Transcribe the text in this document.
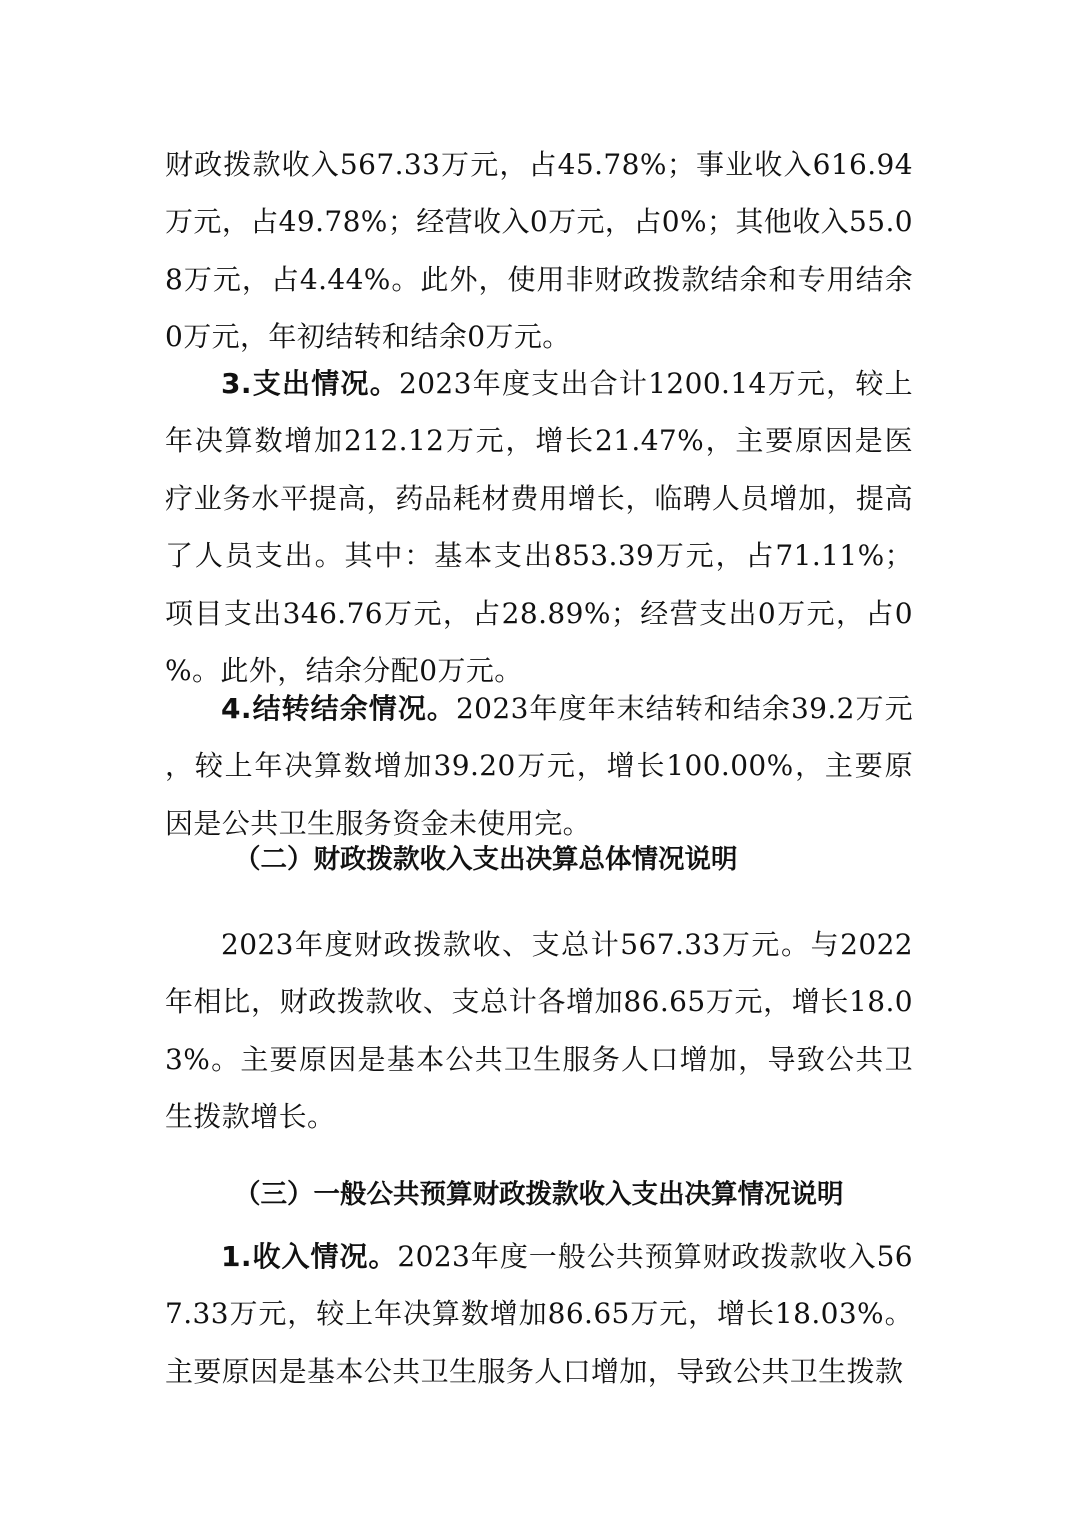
财政拨款收入567.33万元，占45.78%；事业收入616.94万元，占49.78%；经营收入0万元，占0%；其他收入55.08万元，占4.44%。此外，使用非财政拨款结余和专用结余0万元，年初结转和结余0万元。

3.支出情况。2023年度支出合计1200.14万元，较上年决算数增加212.12万元，增长21.47%，主要原因是医疗业务水平提高，药品耗材费用增长，临聘人员增加，提高了人员支出。其中：基本支出853.39万元，占71.11%；项目支出346.76万元，占28.89%；经营支出0万元，占0%。此外，结余分配0万元。

4.结转结余情况。2023年度年末结转和结余39.2万元，较上年决算数增加39.20万元，增长100.00%，主要原因是公共卫生服务资金未使用完。

（二）财政拨款收入支出决算总体情况说明

2023年度财政拨款收、支总计567.33万元。与2022年相比，财政拨款收、支总计各增加86.65万元，增长18.03%。主要原因是基本公共卫生服务人口增加，导致公共卫生拨款增长。

（三）一般公共预算财政拨款收入支出决算情况说明

1.收入情况。2023年度一般公共预算财政拨款收入567.33万元，较上年决算数增加86.65万元，增长18.03%。主要原因是基本公共卫生服务人口增加，导致公共卫生拨款
